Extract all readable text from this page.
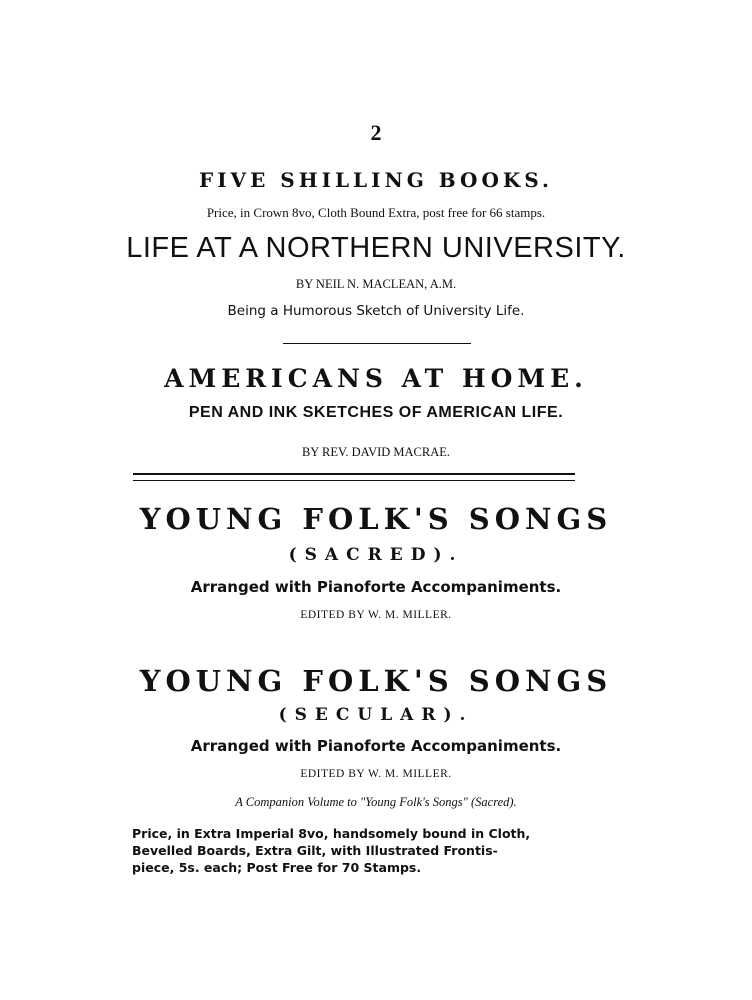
2
FIVE SHILLING BOOKS.
Price, in Crown 8vo, Cloth Bound Extra, post free for 66 stamps.
LIFE AT A NORTHERN UNIVERSITY.
BY NEIL N. MACLEAN, A.M.
Being a Humorous Sketch of University Life.
AMERICANS AT HOME.
PEN AND INK SKETCHES OF AMERICAN LIFE.
BY REV. DAVID MACRAE.
YOUNG FOLK'S SONGS
(SACRED).
Arranged with Pianoforte Accompaniments.
EDITED BY W. M. MILLER.
YOUNG FOLK'S SONGS
(SECULAR).
Arranged with Pianoforte Accompaniments.
EDITED BY W. M. MILLER.
A Companion Volume to "Young Folk's Songs" (Sacred).
Price, in Extra Imperial 8vo, handsomely bound in Cloth,
Bevelled Boards, Extra Gilt, with Illustrated Frontis-
piece, 5s. each; Post Free for 70 Stamps.
